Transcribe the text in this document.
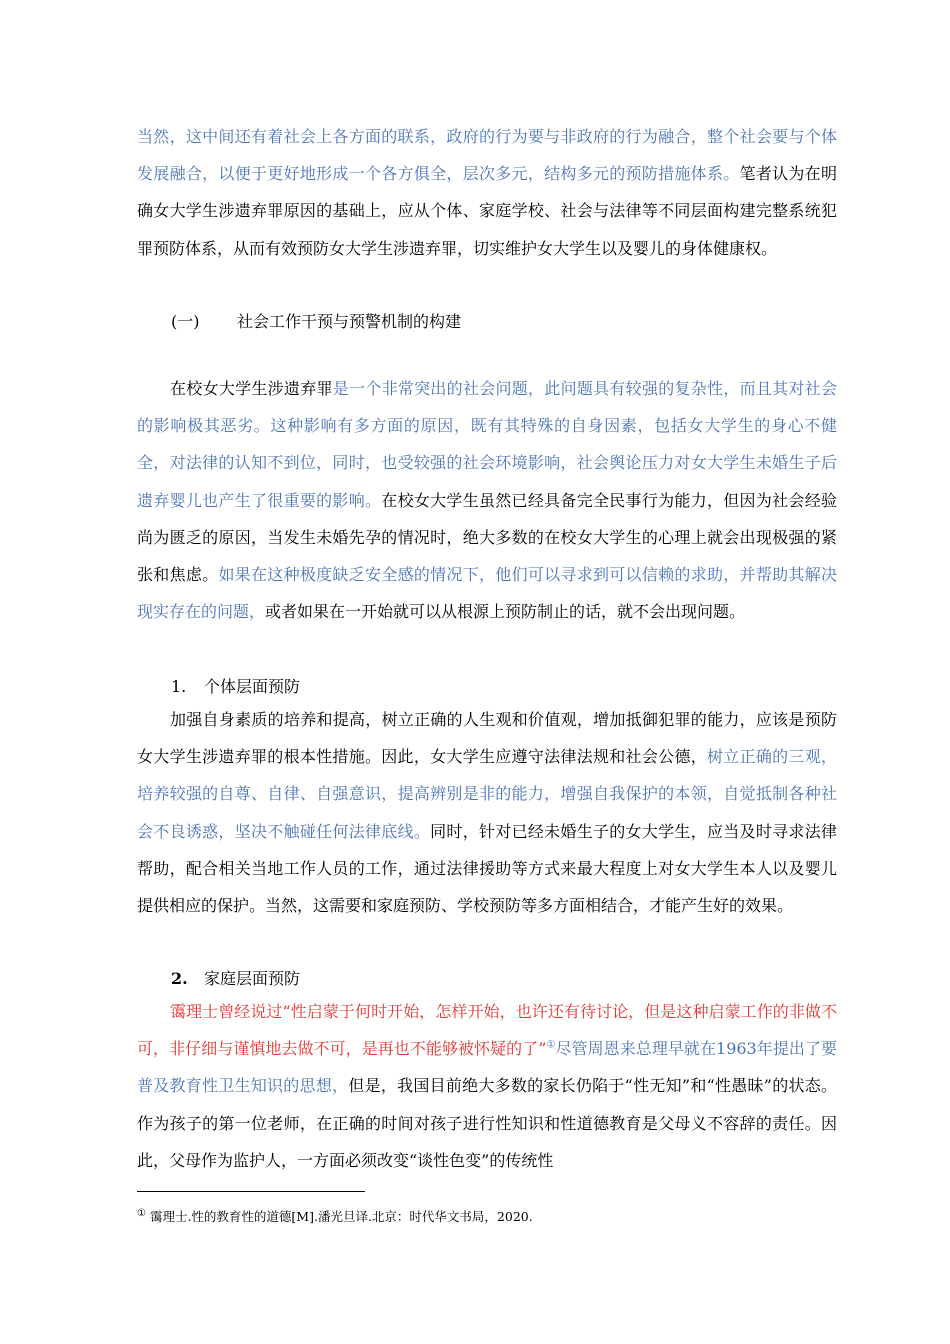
当然，这中间还有着社会上各方面的联系，政府的行为要与非政府的行为融合，整个社会要与个体发展融合，以便于更好地形成一个各方俱全，层次多元，结构多元的预防措施体系。笔者认为在明确女大学生涉遗弃罪原因的基础上，应从个体、家庭学校、社会与法律等不同层面构建完整系统犯罪预防体系，从而有效预防女大学生涉遗弃罪，切实维护女大学生以及婴儿的身体健康权。

(一) 社会工作干预与预警机制的构建

在校女大学生涉遗弃罪是一个非常突出的社会问题，此问题具有较强的复杂性，而且其对社会的影响极其恶劣。这种影响有多方面的原因，既有其特殊的自身因素，包括女大学生的身心不健全，对法律的认知不到位，同时，也受较强的社会环境影响，社会舆论压力对女大学生未婚生子后遗弃婴儿也产生了很重要的影响。在校女大学生虽然已经具备完全民事行为能力，但因为社会经验尚为匮乏的原因，当发生未婚先孕的情况时，绝大多数的在校女大学生的心理上就会出现极强的紧张和焦虑。如果在这种极度缺乏安全感的情况下，他们可以寻求到可以信赖的求助，并帮助其解决现实存在的问题，或者如果在一开始就可以从根源上预防制止的话，就不会出现问题。

1. 个体层面预防

加强自身素质的培养和提高，树立正确的人生观和价值观，增加抵御犯罪的能力，应该是预防女大学生涉遗弃罪的根本性措施。因此，女大学生应遵守法律法规和社会公德，树立正确的三观，培养较强的自尊、自律、自强意识，提高辨别是非的能力，增强自我保护的本领，自觉抵制各种社会不良诱惑，坚决不触碰任何法律底线。同时，针对已经未婚生子的女大学生，应当及时寻求法律帮助，配合相关当地工作人员的工作，通过法律援助等方式来最大程度上对女大学生本人以及婴儿提供相应的保护。当然，这需要和家庭预防、学校预防等多方面相结合，才能产生好的效果。

2. 家庭层面预防

霭理士曾经说过“性启蒙于何时开始，怎样开始，也许还有待讨论，但是这种启蒙工作的非做不可，非仔细与谨慎地去做不可，是再也不能够被怀疑的了”①尽管周恩来总理早就在1963年提出了要普及教育性卫生知识的思想，但是，我国目前绝大多数的家长仍陷于“性无知”和“性愚昧”的状态。作为孩子的第一位老师，在正确的时间对孩子进行性知识和性道德教育是父母义不容辞的责任。因此，父母作为监护人，一方面必须改变“谈性色变”的传统性

① 霭理士.性的教育性的道德[M].潘光旦译.北京：时代华文书局，2020.
